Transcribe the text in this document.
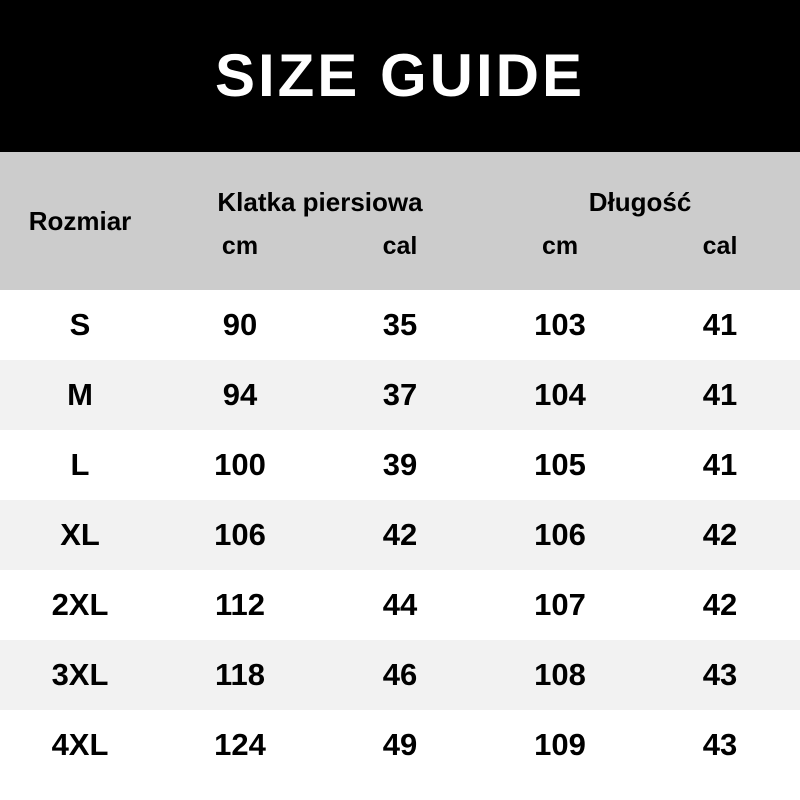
SIZE GUIDE
Rozmiar	Klatka piersiowa		Długość	
	cm	cal	cm	cal
S	90	35	103	41
M	94	37	104	41
L	100	39	105	41
XL	106	42	106	42
2XL	112	44	107	42
3XL	118	46	108	43
4XL	124	49	109	43
